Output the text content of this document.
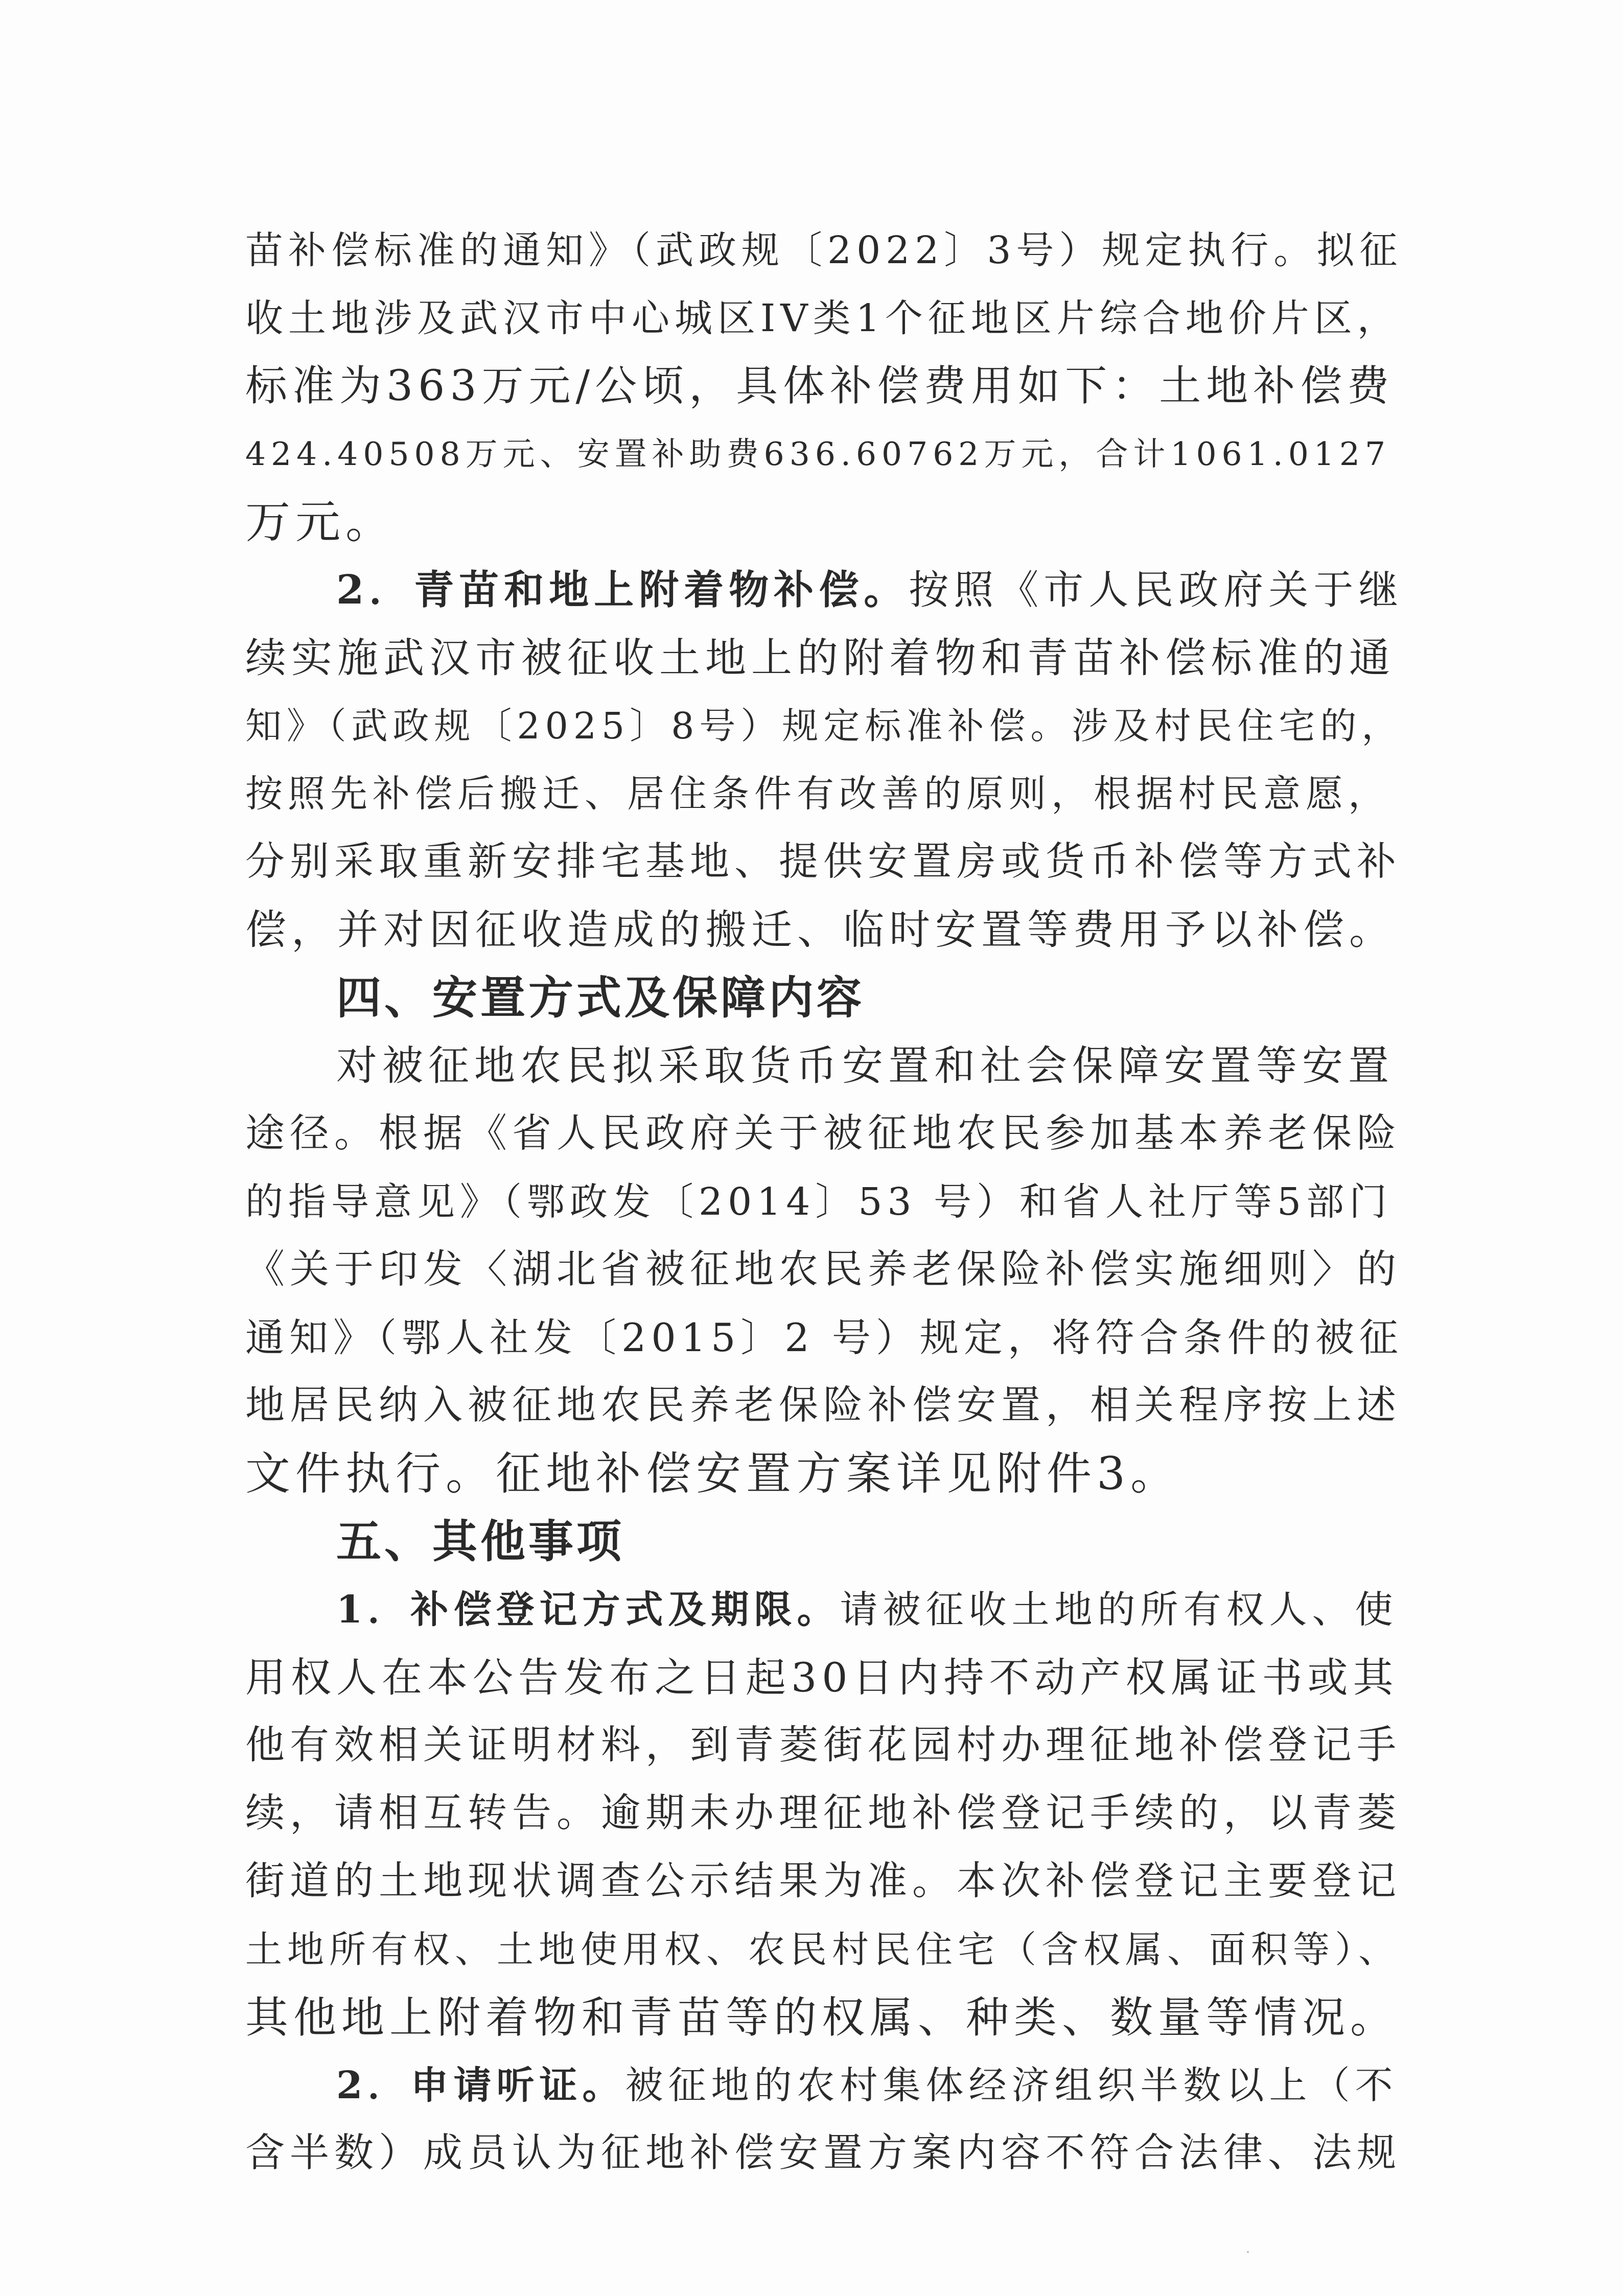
苗补偿标准的通知》（武政规〔2022〕3号）规定执行。拟征
收土地涉及武汉市中心城区IV类1个征地区片综合地价片区，
标准为363万元/公顷，具体补偿费用如下：土地补偿费
424.40508万元、安置补助费636.60762万元，合计1061.0127
万元。
2．青苗和地上附着物补偿。按照《市人民政府关于继
续实施武汉市被征收土地上的附着物和青苗补偿标准的通
知》（武政规〔2025〕8号）规定标准补偿。涉及村民住宅的，
按照先补偿后搬迁、居住条件有改善的原则，根据村民意愿，
分别采取重新安排宅基地、提供安置房或货币补偿等方式补
偿，并对因征收造成的搬迁、临时安置等费用予以补偿。
四、安置方式及保障内容
对被征地农民拟采取货币安置和社会保障安置等安置
途径。根据《省人民政府关于被征地农民参加基本养老保险
的指导意见》（鄂政发〔2014〕53 号）和省人社厅等5部门
《关于印发〈湖北省被征地农民养老保险补偿实施细则〉的
通知》（鄂人社发〔2015〕2 号）规定，将符合条件的被征
地居民纳入被征地农民养老保险补偿安置，相关程序按上述
文件执行。征地补偿安置方案详见附件3。
五、其他事项
1．补偿登记方式及期限。请被征收土地的所有权人、使
用权人在本公告发布之日起30日内持不动产权属证书或其
他有效相关证明材料，到青菱街花园村办理征地补偿登记手
续，请相互转告。逾期未办理征地补偿登记手续的，以青菱
街道的土地现状调查公示结果为准。本次补偿登记主要登记
土地所有权、土地使用权、农民村民住宅（含权属、面积等）、
其他地上附着物和青苗等的权属、种类、数量等情况。
2．申请听证。被征地的农村集体经济组织半数以上（不
含半数）成员认为征地补偿安置方案内容不符合法律、法规
